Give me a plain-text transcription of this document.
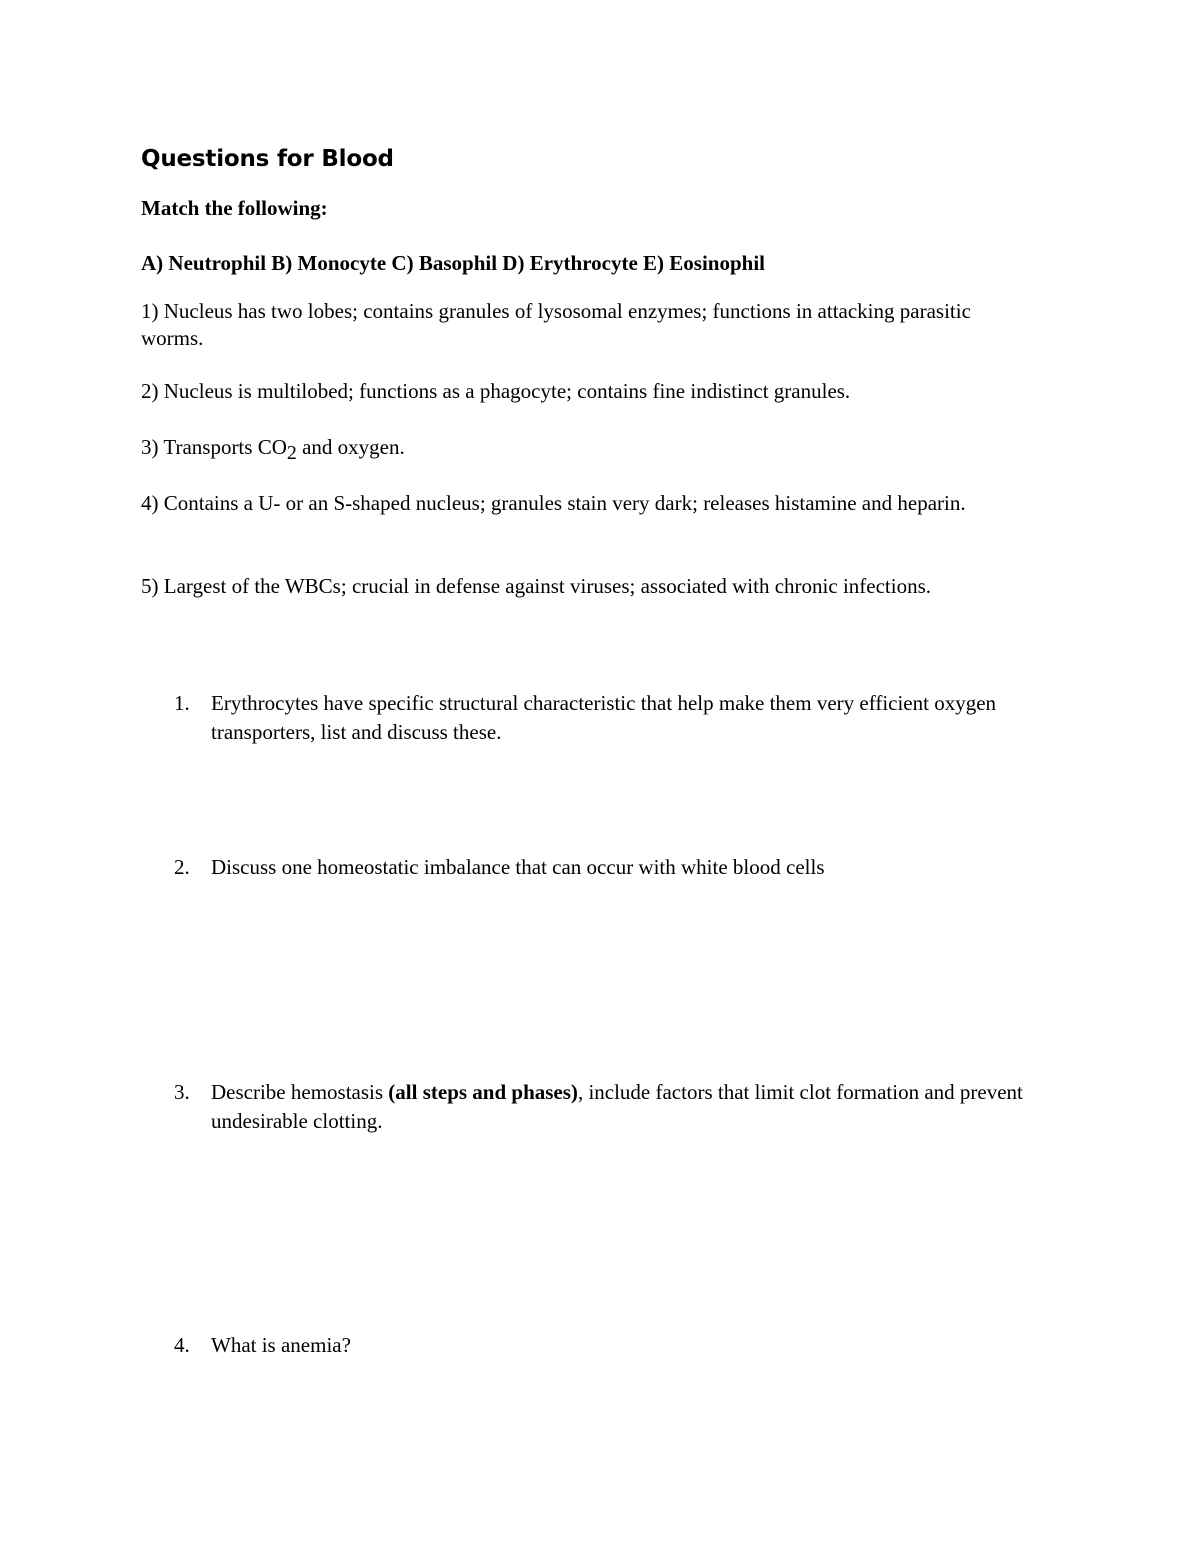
Questions for Blood

Match the following:

A) Neutrophil B) Monocyte C) Basophil D) Erythrocyte E) Eosinophil

1) Nucleus has two lobes; contains granules of lysosomal enzymes; functions in attacking parasitic worms.

2) Nucleus is multilobed; functions as a phagocyte; contains fine indistinct granules.

3) Transports $CO_2$ and oxygen.

4) Contains a U- or an S-shaped nucleus; granules stain very dark; releases histamine and heparin.

5) Largest of the WBCs; crucial in defense against viruses; associated with chronic infections.

1. Erythrocytes have specific structural characteristic that help make them very efficient oxygen transporters, list and discuss these.

2. Discuss one homeostatic imbalance that can occur with white blood cells

3. Describe hemostasis (all steps and phases), include factors that limit clot formation and prevent undesirable clotting.

4. What is anemia?
